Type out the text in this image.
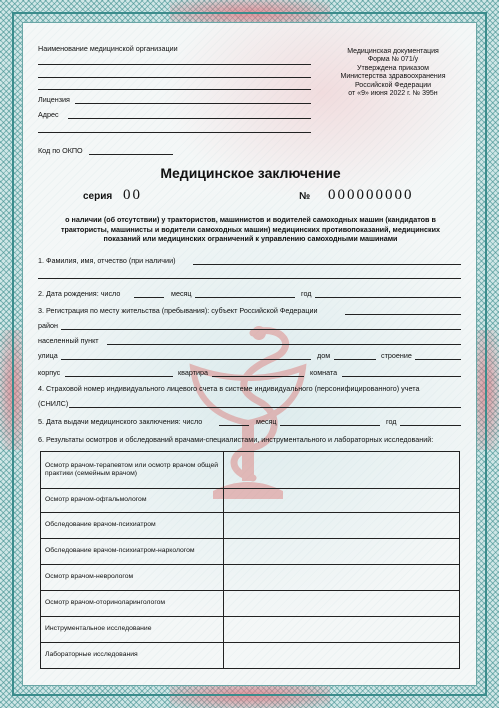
Наименование медицинской организации
Лицензия
Адрес
Код по ОКПО
Медицинская документация
Форма № 071/у
Утверждена приказом
Министерства здравоохранения
Российской Федерации
от «9» июня 2022 г. № 395н
Медицинское заключение
серия 00	№ 000000000
о наличии (об отсутствии) у трактористов, машинистов и водителей самоходных машин (кандидатов в
трактористы, машинисты и водители самоходных машин) медицинских противопоказаний, медицинских
показаний или медицинских ограничений к управлению самоходными машинами
1. Фамилия, имя, отчество (при наличии)
2. Дата рождения: число	месяц	год
3. Регистрация по месту жительства (пребывания): субъект Российской Федерации
район
населенный пункт
улица	дом	строение
корпус	квартира	комната
4. Страховой номер индивидуального лицевого счета в системе индивидуального (персонифицированного) учета
(СНИЛС)
5. Дата выдачи медицинского заключения: число	месяц	год
6. Результаты осмотров и обследований врачами-специалистами, инструментального и лабораторных исследований:
Осмотр врачом-терапевтом или осмотр врачом общей практики (семейным врачом)	
Осмотр врачом-офтальмологом	
Обследование врачом-психиатром	
Обследование врачом-психиатром-наркологом	
Осмотр врачом-неврологом	
Осмотр врачом-оториноларингологом	
Инструментальное исследование	
Лабораторные исследования	
